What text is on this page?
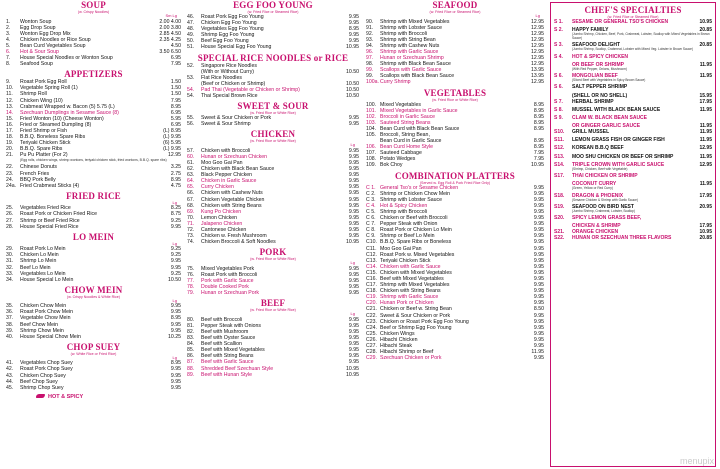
SOUP
(w. Crispy Noodles)
Sm Lg
1.	Wonton Soup	2.00 4.00
2.	Egg Drop Soup	2.00 3.80
3.	Wonton Egg Drop Mix	2.85 4.50
4.	Chicken Noodles or Rice Soup	2.35 4.25
5.	Bean Curd Vegetables Soup	4.50
6.	Hot & Sour Soup	3.50 6.50
7.	House Special Noodles or Wonton Soup	6.95
8.	Seafood Soup	7.95
APPETIZERS
9.	Roast Pork Egg Roll	1.50
10.	Vegetable Spring Roll (1)	1.50
11.	Shrimp Roll	1.50
12.	Chicken Wing (10)	7.95
13.	Crabmeat Wrapped w. Bacon (5) 5.75 (L)	8.95
14.	Szechuan Dumplings in Sesame Sauce (8)	6.95
15.	Fried Wonton (10) (Cheese Wonton)	5.95
16.	Fried or Steamed Dumpling (8)	6.95
17.	Fried Shrimp or Fish	(L) 8.95
18.	B.B.Q. Boneless Spare Ribs	(L) 9.95
19.	Teriyaki Chicken Stick	(6) 5.95
20.	B.B.Q. Spare Ribs	(L) 9.95
21.	Pu Pu Platter (For 2)	12.95
(Egg rolls, chicken wings, shrimp wontons, teriyaki chicken stick, fried wontons, B.B.Q. spare ribs)
22.	Chinese Donuts	3.25
23.	French Fries	2.75
24.	BBQ Pork Belly	8.95
24a. Fried Crabmeat Sticks (4)	4.75
FRIED RICE
Lg
25.	Vegetables Fried Rice	8.25
26.	Roast Pork or Chicken Fried Rice	8.75
27.	Shrimp or Beef Fried Rice	9.25
28.	House Special Fried Rice	9.95
LO MEIN
Lg
29.	Roast Pork Lo Mein	9.25
30.	Chicken Lo Mein	9.25
31.	Shrimp Lo Mein	9.95
32.	Beef Lo Mein	9.95
33.	Vegetables Lo Mein	9.25
34.	House Special Lo Mein	10.50
CHOW MEIN
(w. Crispy Noodles & White Rice)
Lg
35.	Chicken Chow Mein	9.95
36.	Roast Pork Chow Mein	9.95
37.	Vegetable Chow Mein	8.95
38.	Beef Chow Mein	9.95
39.	Shrimp Chow Mein	9.95
40.	House Special Chow Mein	10.25
CHOP SUEY
(w. White Rice or Fried Rice)
Lg
41.	Vegetables Chop Suey	8.95
42.	Roast Pork Chop Suey	9.95
43.	Chicken Chop Suey	9.95
44.	Beef Chop Suey	9.95
45.	Shrimp Chop Suey	9.95
HOT & SPICY
EGG FOO YOUNG
(w. Fried Rice or Steamed Rice)
46.	Roast Pork Egg Foo Young	9.95
47.	Chicken Egg Foo Young	9.95
48.	Vegetables Egg Foo Young	8.95
49.	Shrimp Egg Foo Young	9.95
50.	Beef Egg Foo Young	9.95
51.	House Special Egg Foo Young	10.95
SPECIAL RICE NOODLES or RICE
52.	Singapore Rice Noodles
(With or Without Curry)	10.50
53.	Flat Rice Noodles
(Beef or Chicken or Shrimp)	10.50
54.	Pad Thai (Vegetable or Chicken or Shrimp)	10.50
54.	Thai Special Brown Rice	10.50
SWEET & SOUR
(w. Fried Rice or White Rice)
55.	Sweet & Sour Chicken or Pork	9.95
56.	Sweet & Sour Shrimp	9.95
CHICKEN
(w. Fried Rice or White Rice)
Lg
57.	Chicken with Broccoli	9.95
60.	Hunan or Szechuan Chicken	9.95
61.	Moo Goo Gai Pan	9.95
62.	Chicken with Black Bean Sauce	9.95
63.	Black Pepper Chicken	9.95
64.	Chicken in Garlic Sauce	9.95
65.	Curry Chicken	9.95
66.	Chicken with Cashew Nuts	9.95
67.	Chicken Vegetable Chicken	9.95
68.	Chicken with String Beans	9.95
69.	Kung Po Chicken	9.95
70.	Lemon Chicken	9.95
71.	Jalapeno Chicken	9.95
72.	Cantonese Chicken	9.95
73.	Chicken w. Fresh Mushroom	9.95
74.	Chicken Broccoli & Soft Noodles	10.95
PORK
(w. Fried Rice or White Rice)
Lg
75.	Mixed Vegetables Pork	9.95
76.	Roast Pork with Broccoli	9.95
77.	Pork with Garlic Sauce	9.95
78.	Double Cooked Pork	9.95
79.	Hunan or Szechuan Pork	9.95
BEEF
(w. Fried Rice or White Rice)
Lg
80.	Beef with Broccoli	9.95
81.	Pepper Steak with Onions	9.95
82.	Beef with Mushroom	9.95
83.	Beef with Oyster Sauce	9.95
84.	Beef with Scallion	9.95
85.	Beef with Mixed Vegetables	9.95
86.	Beef with String Beans	9.95
87.	Beef with Garlic Sauce	9.95
88.	Shredded Beef Szechuan Style	10.95
89.	Beef with Hunan Style	10.95
SEAFOOD
(w. Fried Rice or Steamed Rice)
Lg
90.	Shrimp with Mixed Vegetables	12.95
91.	Shrimp with Lobster Sauce	12.95
92.	Shrimp with Broccoli	12.95
93.	Shrimp with String Bean	12.95
94.	Shrimp with Cashew Nuts	12.95
96.	Shrimp with Garlic Sauce	12.95
97.	Hunan or Szechuan Shrimp	12.95
98.	Shrimp with Black Bean Sauce	12.95
99.	Scallops with Garlic Sauce	13.95
99.	Scallops with Black Bean Sauce	13.95
100a. Curry Shrimp	12.95
VEGETABLES
(w. Fried Rice or White Rice)
100. Mixed Vegetables	8.95
101. Mixed Vegetables in Garlic Sauce	8.95
102. Broccoli in Garlic Sauce	8.95
103. Sauteed String Beans	8.95
104. Bean Curd with Black Bean Sauce	8.95
105. Broccoli, String Bean,
Bean Curd in Garlic Sauce	8.95
106. Bean Curd Home Style	8.95
107. Sauteed Cabbage	7.95
108. Potato Wedges	7.95
109. Bok Choy	10.95
COMBINATION PLATTERS
(Served w. Egg Roll & Pork Fried Rice Only)
C 1. General Tso's or Sesame Chicken	9.95
C 2. Shrimp or Chicken Chow Mein	9.95
C 3. Shrimp with Lobster Sauce	9.95
C 4. Hot & Spicy Chicken	9.95
C 5. Shrimp with Broccoli	9.95
C 6. Chicken or Beef with Broccoli	9.95
C 7. Pepper Steak with Onion	9.95
C 8. Roast Pork or Chicken Lo Mein	9.95
C 9. Shrimp or Beef Lo Mein	9.95
C10. B.B.Q. Spare Ribs or Boneless	9.95
C11. Moo Goo Gai Pan	9.95
C12. Roast Pork w. Mixed Vegetables	9.95
C13. Teriyaki Chicken Stick	9.95
C14. Chicken with Garlic Sauce	9.95
C15. Chicken with Mixed Vegetables	9.95
C16. Beef with Mixed Vegetables	9.95
C17. Shrimp with Mixed Vegetables	9.95
C18. Chicken with String Beans	9.95
C19. Shrimp with Garlic Sauce	9.95
C20. Hunan Pork or Chicken	9.95
C21. Chicken or Beef w. String Bean	8.50
C22. Sweet & Sour Chicken or Pork	9.95
C23. Chicken or Roast Pork Egg Foo Young	9.95
C24. Beef or Shrimp Egg Foo Young	9.95
C25. Chicken Wings	9.95
C26. Hibachi Chicken	9.95
C27. Hibachi Steak	9.95
C28. Hibachi Shrimp or Beef	11.95
C29. Szechuan Chicken or Pork	9.95
CHEF'S SPECIALTIES
(w. Fried Rice or Steamed Rice)
S 1.	SESAME OR GENERAL TSO'S CHICKEN	10.95
S 2.	HAPPY FAMILY	20.85
(Jumbo Shrimp, Chicken, Beef, Pork, Crabmeat, Lobster, Scallop with Mixed Vegetables in Brown Sauce)
S 3.	SEAFOOD DELIGHT	20.85
(Jumbo Shrimp, Scallop, Crabmeat, Lobster with Mixed Veg. Lobster in Brown Sauce)
S 4.	HOT & SPICY CHICKEN
OR BEEF OR SHRIMP	11.95
(With Red Pepper, Onions, Mushroom)
S 6.	MONGOLIAN BEEF	11.95
(Sliced Beef with Vegetables in Spicy Brown Sauce)
S 6.	SALT PEPPER SHRIMP
(SHELL OR NO SHELL)	15.95
S 7.	HERBAL SHRIMP	17.95
S 8.	MUSSEL WITH BLACK BEAN SAUCE	11.95
S 9.	CLAM W. BLACK BEAN SAUCE
OR GINGER GARLIC SAUCE	11.95
S10.	GRILL MUSSEL	11.95
S11.	LEMON GRASS FISH OR GINGER FISH	11.95
S12.	KOREAN B.B.Q BEEF	12.95
S13.	MOO SHU CHICKEN OR BEEF OR SHRIMP	11.95
S14.	TRIPLE CROWN WITH GARLIC SAUCE	12.95
(Shrimp, Chicken, Beef with Vegetable)
S17.	THAI CHICKEN OR SHRIMP
COCONUT CURRY	11.95
(Green, Yellow or Red Curry)
S18.	DRAGON & PHOENIX	17.95
(Sesame Chicken & Shrimp with Garlic Sauce)
S19.	SEAFOOD ON BIRD NEST	20.95
(Jumbo Shrimp, Crabmeat, Lobster, Scallop)
S20.	SPICY LEMON GRASS BEEF,
CHICKEN & SHRIMP	17.95
S21.	ORANGE CHICKEN	10.95
S22.	HUNAN OR SZECHUAN THREE FLAVORS	20.85
menupix
